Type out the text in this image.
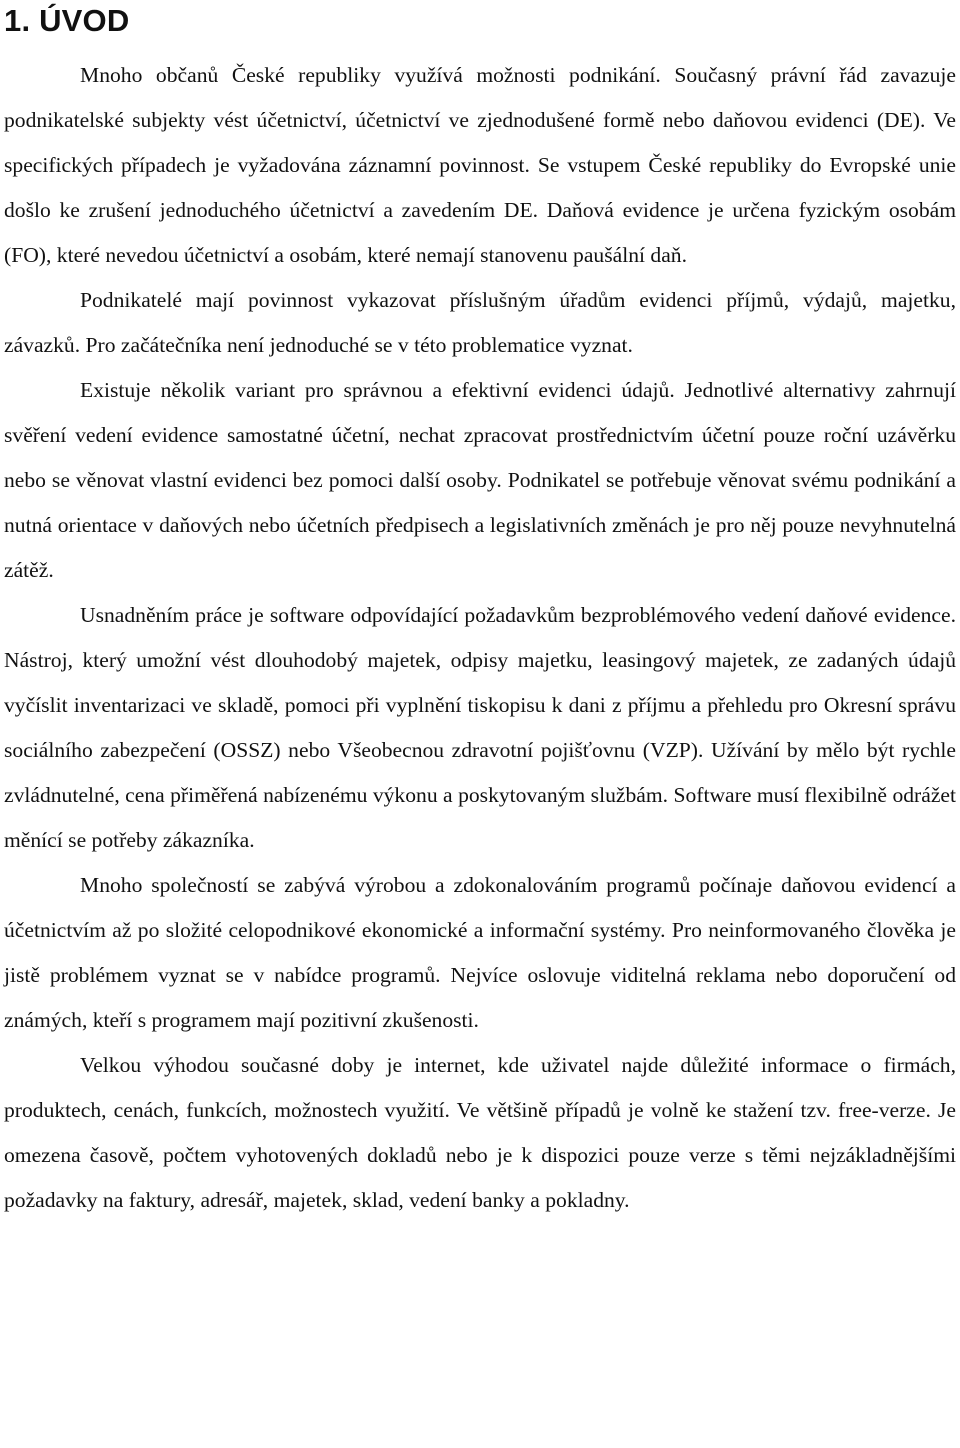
1. ÚVOD

Mnoho občanů České republiky využívá možnosti podnikání. Současný právní řád zavazuje podnikatelské subjekty vést účetnictví, účetnictví ve zjednodušené formě nebo daňovou evidenci (DE). Ve specifických případech je vyžadována záznamní povinnost. Se vstupem České republiky do Evropské unie došlo ke zrušení jednoduchého účetnictví a zavedením DE. Daňová evidence je určena fyzickým osobám (FO), které nevedou účetnictví a osobám, které nemají stanovenu paušální daň.

Podnikatelé mají povinnost vykazovat příslušným úřadům evidenci příjmů, výdajů, majetku, závazků. Pro začátečníka není jednoduché se v této problematice vyznat.

Existuje několik variant pro správnou a efektivní evidenci údajů. Jednotlivé alternativy zahrnují svěření vedení evidence samostatné účetní, nechat zpracovat prostřednictvím účetní pouze roční uzávěrku nebo se věnovat vlastní evidenci bez pomoci další osoby. Podnikatel se potřebuje věnovat svému podnikání a nutná orientace v daňových nebo účetních předpisech a legislativních změnách je pro něj pouze nevyhnutelná zátěž.

Usnadněním práce je software odpovídající požadavkům bezproblémového vedení daňové evidence. Nástroj, který umožní vést dlouhodobý majetek, odpisy majetku, leasingový majetek, ze zadaných údajů vyčíslit inventarizaci ve skladě, pomoci při vyplnění tiskopisu k dani z příjmu a přehledu pro Okresní správu sociálního zabezpečení (OSSZ) nebo Všeobecnou zdravotní pojišťovnu (VZP). Užívání by mělo být rychle zvládnutelné, cena přiměřená nabízenému výkonu a poskytovaným službám. Software musí flexibilně odrážet měnící se potřeby zákazníka.

Mnoho společností se zabývá výrobou a zdokonalováním programů počínaje daňovou evidencí a účetnictvím až po složité celopodnikové ekonomické a informační systémy. Pro neinformovaného člověka je jistě problémem vyznat se v nabídce programů. Nejvíce oslovuje viditelná reklama nebo doporučení od známých, kteří s programem mají pozitivní zkušenosti.

Velkou výhodou současné doby je internet, kde uživatel najde důležité informace o firmách, produktech, cenách, funkcích, možnostech využití. Ve většině případů je volně ke stažení tzv. free-verze. Je omezena časově, počtem vyhotovených dokladů nebo je k dispozici pouze verze s těmi nejzákladnějšími požadavky na faktury, adresář, majetek, sklad, vedení banky a pokladny.
